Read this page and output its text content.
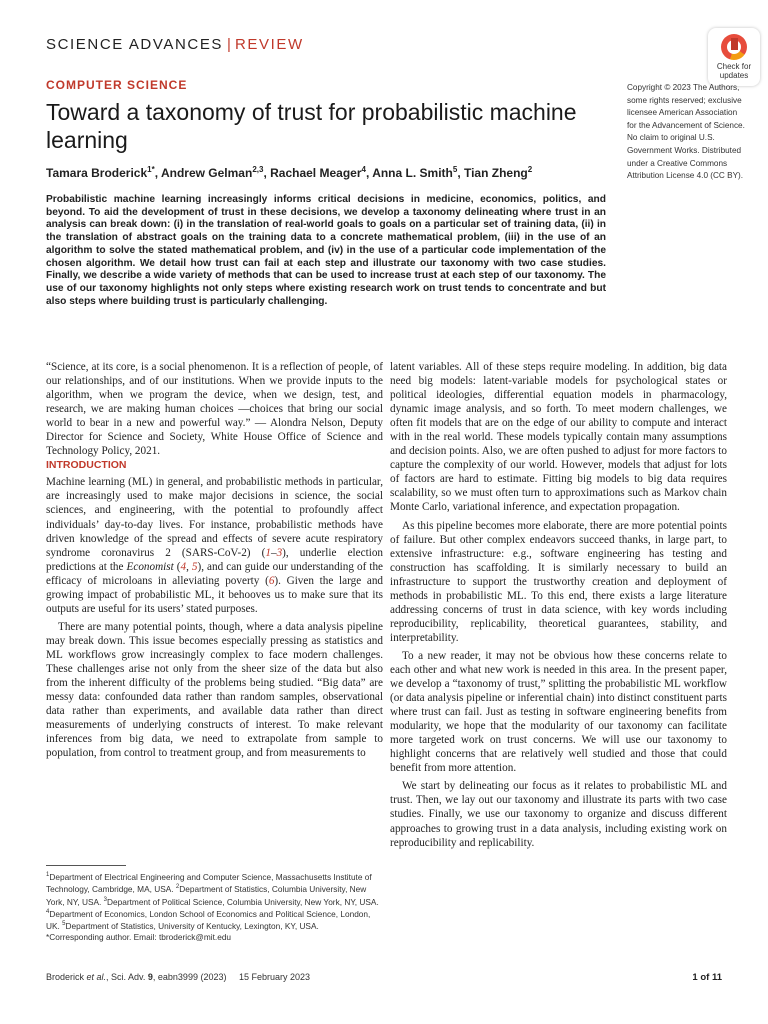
SCIENCE ADVANCES | REVIEW
Check for
updates
COMPUTER SCIENCE
Toward a taxonomy of trust for probabilistic machine learning
Tamara Broderick$^{1*}$, Andrew Gelman$^{2,3}$, Rachael Meager$^4$, Anna L. Smith$^5$, Tian Zheng$^2$

Probabilistic machine learning increasingly informs critical decisions in medicine, economics, politics, and beyond. To aid the development of trust in these decisions, we develop a taxonomy delineating where trust in an analysis can break down: (i) in the translation of real-world goals to goals on a particular set of training data, (ii) in the translation of abstract goals on the training data to a concrete mathematical problem, (iii) in the use of an algorithm to solve the stated mathematical problem, and (iv) in the use of a particular code implementation of the chosen algorithm. We detail how trust can fail at each step and illustrate our taxonomy with two case studies. Finally, we describe a wide variety of methods that can be used to increase trust at each step of our taxonomy. The use of our taxonomy highlights not only steps where existing research work on trust tends to concentrate and but also steps where building trust is particularly challenging.

Copyright © 2023 The Authors, some rights reserved; exclusive licensee American Association for the Advancement of Science. No claim to original U.S. Government Works. Distributed under a Creative Commons Attribution License 4.0 (CC BY).

“Science, at its core, is a social phenomenon. It is a reflection of people, of our relationships, and of our institutions. When we provide inputs to the algorithm, when we program the device, when we design, test, and research, we are making human choices —choices that bring our social world to bear in a new and powerful way.” — Alondra Nelson, Deputy Director for Science and Society, White House Office of Science and Technology Policy, 2021.

INTRODUCTION

Machine learning (ML) in general, and probabilistic methods in particular, are increasingly used to make major decisions in science, the social sciences, and engineering, with the potential to profoundly affect individuals’ day-to-day lives. For instance, probabilistic methods have driven knowledge of the spread and effects of severe acute respiratory syndrome coronavirus 2 (SARS-CoV-2) (1–3), underlie election predictions at the Economist (4, 5), and can guide our understanding of the efficacy of microloans in alleviating poverty (6). Given the large and growing impact of probabilistic ML, it behooves us to make sure that its outputs are useful for its users’ stated purposes.

There are many potential points, though, where a data analysis pipeline may break down. This issue becomes especially pressing as statistics and ML workflows grow increasingly complex to face modern challenges. These challenges arise not only from the sheer size of the data but also from the inherent difficulty of the problems being studied. “Big data” are messy data: confounded data rather than random samples, observational data rather than experiments, and available data rather than direct measurements of underlying constructs of interest. To make relevant inferences from big data, we need to extrapolate from sample to population, from control to treatment group, and from measurements to

latent variables. All of these steps require modeling. In addition, big data need big models: latent-variable models for psychological states or political ideologies, differential equation models in pharmacology, dynamic image analysis, and so forth. To meet modern challenges, we often fit models that are on the edge of our ability to compute and interact with in the real world. These models typically contain many assumptions and decision points. Also, we are often pushed to adjust for more factors to capture the complexity of our world. However, models that adjust for lots of factors are hard to estimate. Fitting big models to big data requires scalability, so we must often turn to approximations such as Markov chain Monte Carlo, variational inference, and expectation propagation.

As this pipeline becomes more elaborate, there are more potential points of failure. But other complex endeavors succeed thanks, in large part, to extensive infrastructure: e.g., software engineering has testing and construction has scaffolding. It is similarly necessary to build an infrastructure to support the trustworthy creation and deployment of methods in probabilistic ML. To this end, there exists a large literature addressing concerns of trust in data science, with key words including reproducibility, replicability, theoretical guarantees, stability, and interpretability.

To a new reader, it may not be obvious how these concerns relate to each other and what new work is needed in this area. In the present paper, we develop a “taxonomy of trust,” splitting the probabilistic ML workflow (or data analysis pipeline or inferential chain) into distinct constituent parts where trust can fail. Just as testing in software engineering benefits from modularity, we hope that the modularity of our taxonomy can facilitate more targeted work on trust concerns. We will use our taxonomy to highlight concerns that are relatively well studied and those that could benefit from more attention.

We start by delineating our focus as it relates to probabilistic ML and trust. Then, we lay out our taxonomy and illustrate its parts with two case studies. Finally, we use our taxonomy to organize and discuss different approaches to growing trust in a data analysis, including existing work on reproducibility and replicability.

$^1$Department of Electrical Engineering and Computer Science, Massachusetts Institute of Technology, Cambridge, MA, USA. $^2$Department of Statistics, Columbia University, New York, NY, USA. $^3$Department of Political Science, Columbia University, New York, NY, USA. $^4$Department of Economics, London School of Economics and Political Science, London, UK. $^5$Department of Statistics, University of Kentucky, Lexington, KY, USA.

*Corresponding author. Email: tbroderick@mit.edu

Broderick et al., Sci. Adv. 9, eabn3999 (2023)     15 February 2023	1 of 11
